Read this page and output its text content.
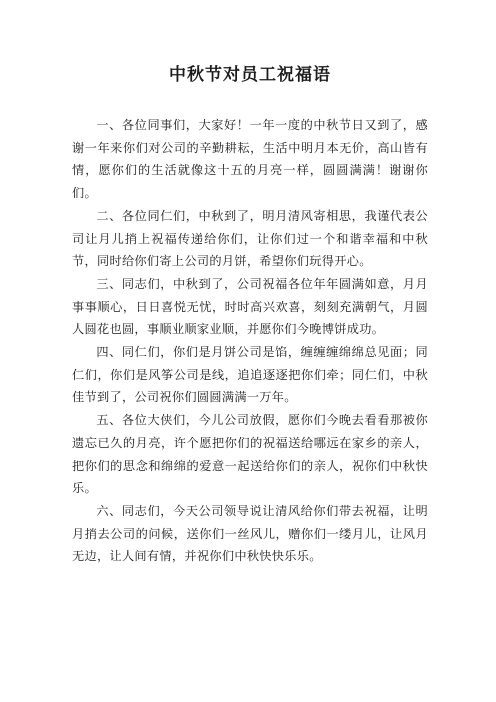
中秋节对员工祝福语

一、各位同事们，大家好！一年一度的中秋节日又到了，感谢一年来你们对公司的辛勤耕耘，生活中明月本无价，高山皆有情，愿你们的生活就像这十五的月亮一样，圆圆满满！谢谢你们。

二、各位同仁们，中秋到了，明月清风寄相思，我谨代表公司让月儿捎上祝福传递给你们，让你们过一个和谐幸福和中秋节，同时给你们寄上公司的月饼，希望你们玩得开心。

三、同志们，中秋到了，公司祝福各位年年圆满如意，月月事事顺心，日日喜悦无忧，时时高兴欢喜，刻刻充满朝气，月圆人圆花也圆，事顺业顺家业顺，并愿你们今晚博饼成功。

四、同仁们，你们是月饼公司是馅，缠缠缠绵绵总见面；同仁们，你们是风筝公司是线，追追逐逐把你们牵；同仁们，中秋佳节到了，公司祝你们圆圆满满一万年。

五、各位大侠们，今儿公司放假，愿你们今晚去看看那被你遗忘已久的月亮，许个愿把你们的祝福送给哪远在家乡的亲人，把你们的思念和绵绵的爱意一起送给你们的亲人，祝你们中秋快乐。

六、同志们，今天公司领导说让清风给你们带去祝福，让明月捎去公司的问候，送你们一丝风儿，赠你们一缕月儿，让风月无边，让人间有情，并祝你们中秋快快乐乐。
